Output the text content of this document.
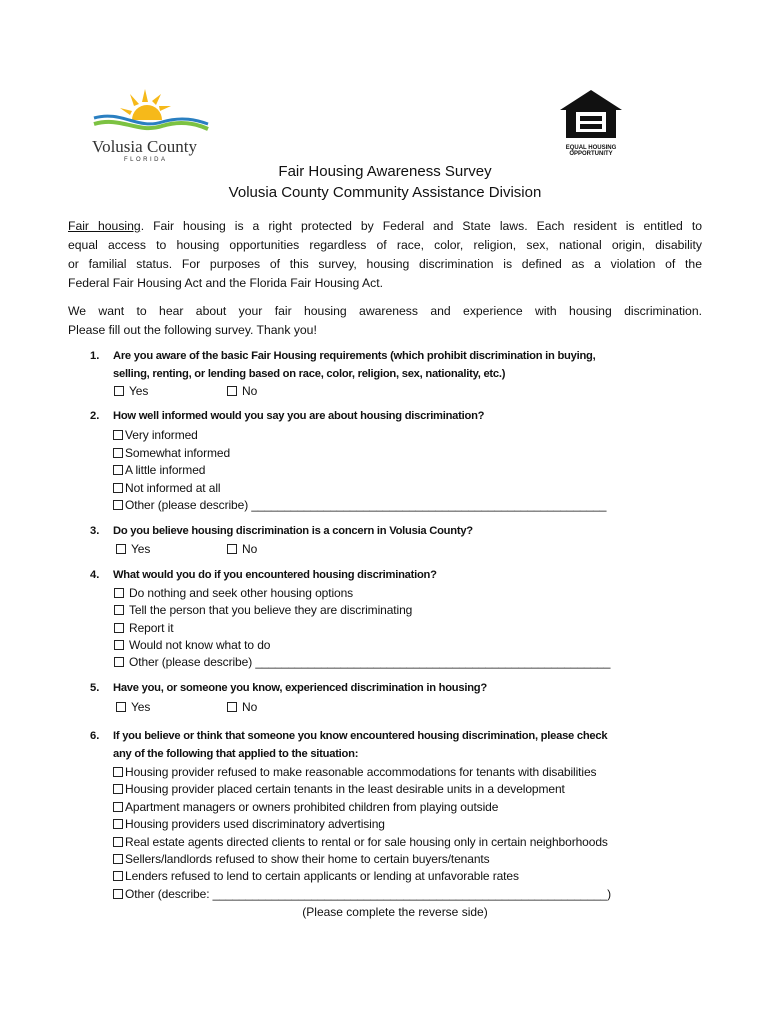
Volusia County
FLORIDA
EQUAL HOUSING OPPORTUNITY
Fair Housing Awareness Survey
Volusia County Community Assistance Division
Fair housing. Fair housing is a right protected by Federal and State laws. Each resident is entitled to
equal access to housing opportunities regardless of race, color, religion, sex, national origin, disability
or familial status. For purposes of this survey, housing discrimination is defined as a violation of the
Federal Fair Housing Act and the Florida Fair Housing Act.
We want to hear about your fair housing awareness and experience with housing discrimination.
Please fill out the following survey. Thank you!
1. Are you aware of the basic Fair Housing requirements (which prohibit discrimination in buying,
selling, renting, or lending based on race, color, religion, sex, nationality, etc.)
Yes	No
2. How well informed would you say you are about housing discrimination?
Very informed
Somewhat informed
A little informed
Not informed at all
Other (please describe) ______________________________________________________
3. Do you believe housing discrimination is a concern in Volusia County?
Yes	No
4. What would you do if you encountered housing discrimination?
Do nothing and seek other housing options
Tell the person that you believe they are discriminating
Report it
Would not know what to do
Other (please describe) ______________________________________________________
5. Have you, or someone you know, experienced discrimination in housing?
Yes	No
6. If you believe or think that someone you know encountered housing discrimination, please check
any of the following that applied to the situation:
Housing provider refused to make reasonable accommodations for tenants with disabilities
Housing provider placed certain tenants in the least desirable units in a development
Apartment managers or owners prohibited children from playing outside
Housing providers used discriminatory advertising
Real estate agents directed clients to rental or for sale housing only in certain neighborhoods
Sellers/landlords refused to show their home to certain buyers/tenants
Lenders refused to lend to certain applicants or lending at unfavorable rates
Other (describe: ____________________________________________________________)
(Please complete the reverse side)
